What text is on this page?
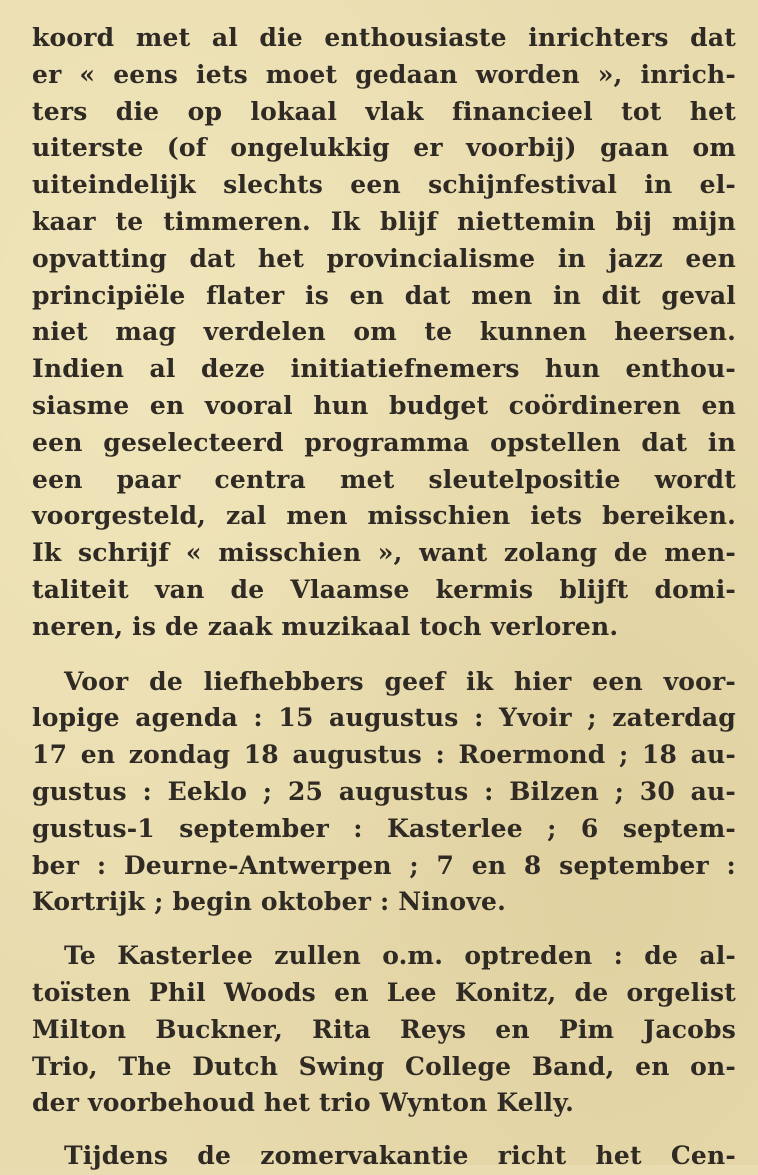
koord met al die enthousiaste inrichters dat
er « eens iets moet gedaan worden », inrich-
ters die op lokaal vlak financieel tot het
uiterste (of ongelukkig er voorbij) gaan om
uiteindelijk slechts een schijnfestival in el-
kaar te timmeren. Ik blijf niettemin bij mijn
opvatting dat het provincialisme in jazz een
principiële flater is en dat men in dit geval
niet mag verdelen om te kunnen heersen.
Indien al deze initiatiefnemers hun enthou-
siasme en vooral hun budget coördineren en
een geselecteerd programma opstellen dat in
een paar centra met sleutelpositie wordt
voorgesteld, zal men misschien iets bereiken.
Ik schrijf « misschien », want zolang de men-
taliteit van de Vlaamse kermis blijft domi-
neren, is de zaak muzikaal toch verloren.
Voor de liefhebbers geef ik hier een voor-
lopige agenda : 15 augustus : Yvoir ; zaterdag
17 en zondag 18 augustus : Roermond ; 18 au-
gustus : Eeklo ; 25 augustus : Bilzen ; 30 au-
gustus-1 september : Kasterlee ; 6 septem-
ber : Deurne-Antwerpen ; 7 en 8 september :
Kortrijk ; begin oktober : Ninove.
Te Kasterlee zullen o.m. optreden : de al-
toïsten Phil Woods en Lee Konitz, de orgelist
Milton Buckner, Rita Reys en Pim Jacobs
Trio, The Dutch Swing College Band, en on-
der voorbehoud het trio Wynton Kelly.
Tijdens de zomervakantie richt het Cen-
